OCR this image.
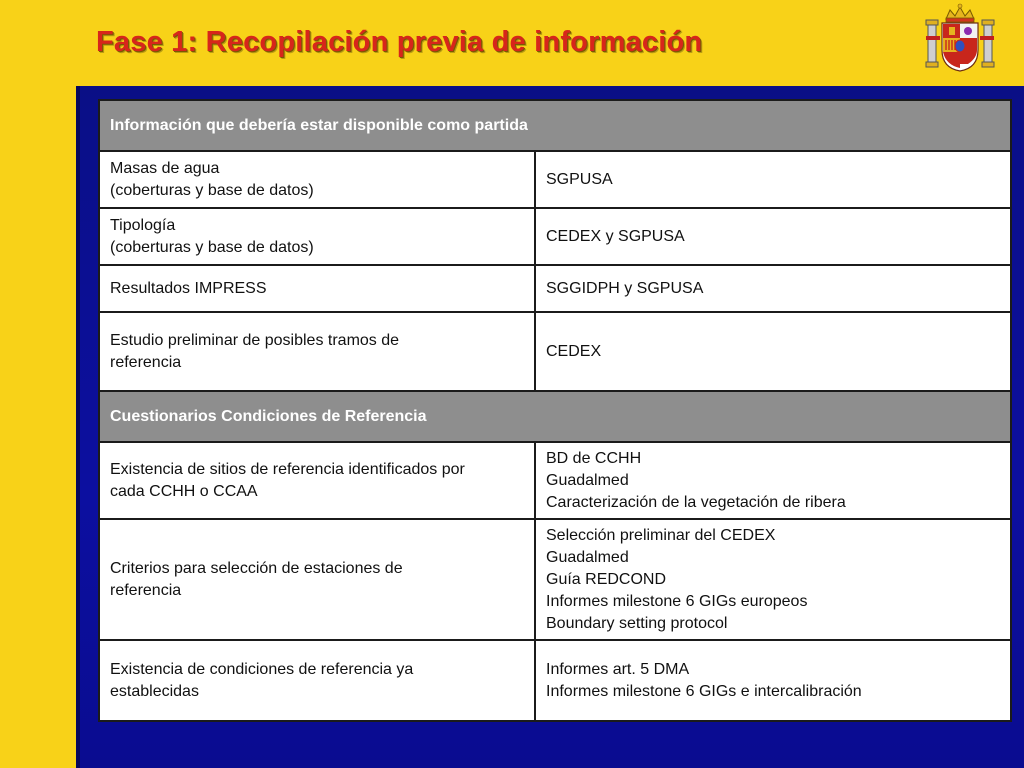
Fase 1: Recopilación previa de información
Información que debería estar disponible como partida	

Masas de agua
(coberturas y base de datos)	SGPUSA

Tipología
(coberturas y base de datos)	CEDEX y SGPUSA

Resultados IMPRESS	SGGIDPH y SGPUSA

Estudio preliminar de posibles tramos de
referencia	CEDEX

Cuestionarios Condiciones de Referencia	

Existencia de sitios de referencia identificados por
cada CCHH o CCAA	BD de CCHH
Guadalmed
Caracterización de la vegetación de ribera

Criterios para selección de estaciones de
referencia	Selección preliminar del CEDEX
Guadalmed
Guía REDCOND
Informes milestone 6 GIGs europeos
Boundary setting protocol

Existencia de condiciones de referencia ya
establecidas	Informes art. 5 DMA
Informes milestone 6 GIGs e intercalibración
